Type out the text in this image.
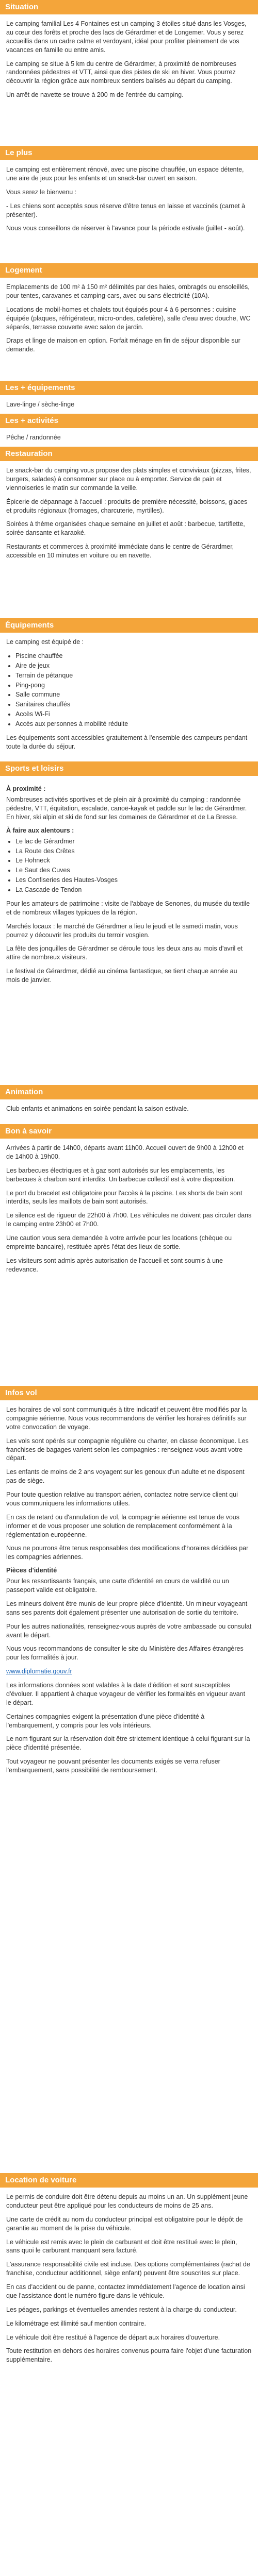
Situation

Le camping familial Les 4 Fontaines est un camping 3 étoiles situé dans les Vosges, au cœur des forêts et proche des lacs de Gérardmer et de Longemer. Vous y serez accueillis dans un cadre calme et verdoyant, idéal pour profiter pleinement de vos vacances en famille ou entre amis.

Le camping se situe à 5 km du centre de Gérardmer, à proximité de nombreuses randonnées pédestres et VTT, ainsi que des pistes de ski en hiver. Vous pourrez découvrir la région grâce aux nombreux sentiers balisés au départ du camping.

Un arrêt de navette se trouve à 200 m de l'entrée du camping.

Le plus

Le camping est entièrement rénové, avec une piscine chauffée, un espace détente, une aire de jeux pour les enfants et un snack-bar ouvert en saison.

Vous serez le bienvenu :

- Les chiens sont acceptés sous réserve d'être tenus en laisse et vaccinés (carnet à présenter).

Nous vous conseillons de réserver à l'avance pour la période estivale (juillet - août).

Logement

Emplacements de 100 m² à 150 m² délimités par des haies, ombragés ou ensoleillés, pour tentes, caravanes et camping-cars, avec ou sans électricité (10A).

Locations de mobil-homes et chalets tout équipés pour 4 à 6 personnes : cuisine équipée (plaques, réfrigérateur, micro-ondes, cafetière), salle d'eau avec douche, WC séparés, terrasse couverte avec salon de jardin.

Draps et linge de maison en option. Forfait ménage en fin de séjour disponible sur demande.

Les + équipements

Lave-linge / sèche-linge

Les + activités

Pêche / randonnée

Restauration

Le snack-bar du camping vous propose des plats simples et conviviaux (pizzas, frites, burgers, salades) à consommer sur place ou à emporter. Service de pain et viennoiseries le matin sur commande la veille.

Épicerie de dépannage à l'accueil : produits de première nécessité, boissons, glaces et produits régionaux (fromages, charcuterie, myrtilles).

Soirées à thème organisées chaque semaine en juillet et août : barbecue, tartiflette, soirée dansante et karaoké.

Restaurants et commerces à proximité immédiate dans le centre de Gérardmer, accessible en 10 minutes en voiture ou en navette.

Équipements

Le camping est équipé de :

• Piscine chauffée
• Aire de jeux
• Terrain de pétanque
• Ping-pong
• Salle commune
• Sanitaires chauffés
• Accès Wi-Fi
• Accès aux personnes à mobilité réduite

Les équipements sont accessibles gratuitement à l'ensemble des campeurs pendant toute la durée du séjour.

Sports et loisirs
À proximité :

Nombreuses activités sportives et de plein air à proximité du camping : randonnée pédestre, VTT, équitation, escalade, canoë-kayak et paddle sur le lac de Gérardmer. En hiver, ski alpin et ski de fond sur les domaines de Gérardmer et de La Bresse.

À faire aux alentours :
• Le lac de Gérardmer
• La Route des Crêtes
• Le Hohneck
• Le Saut des Cuves
• Les Confiseries des Hautes-Vosges
• La Cascade de Tendon

Pour les amateurs de patrimoine : visite de l'abbaye de Senones, du musée du textile et de nombreux villages typiques de la région.

Marchés locaux : le marché de Gérardmer a lieu le jeudi et le samedi matin, vous pourrez y découvrir les produits du terroir vosgien.

La fête des jonquilles de Gérardmer se déroule tous les deux ans au mois d'avril et attire de nombreux visiteurs.

Le festival de Gérardmer, dédié au cinéma fantastique, se tient chaque année au mois de janvier.

Animation

Club enfants et animations en soirée pendant la saison estivale.

Bon à savoir

Arrivées à partir de 14h00, départs avant 11h00. Accueil ouvert de 9h00 à 12h00 et de 14h00 à 19h00.

Les barbecues électriques et à gaz sont autorisés sur les emplacements, les barbecues à charbon sont interdits. Un barbecue collectif est à votre disposition.

Le port du bracelet est obligatoire pour l'accès à la piscine. Les shorts de bain sont interdits, seuls les maillots de bain sont autorisés.

Le silence est de rigueur de 22h00 à 7h00. Les véhicules ne doivent pas circuler dans le camping entre 23h00 et 7h00.

Une caution vous sera demandée à votre arrivée pour les locations (chèque ou empreinte bancaire), restituée après l'état des lieux de sortie.

Les visiteurs sont admis après autorisation de l'accueil et sont soumis à une redevance.

Infos vol

Les horaires de vol sont communiqués à titre indicatif et peuvent être modifiés par la compagnie aérienne. Nous vous recommandons de vérifier les horaires définitifs sur votre convocation de voyage.

Les vols sont opérés sur compagnie régulière ou charter, en classe économique. Les franchises de bagages varient selon les compagnies : renseignez-vous avant votre départ.

Les enfants de moins de 2 ans voyagent sur les genoux d'un adulte et ne disposent pas de siège.

Pour toute question relative au transport aérien, contactez notre service client qui vous communiquera les informations utiles.

En cas de retard ou d'annulation de vol, la compagnie aérienne est tenue de vous informer et de vous proposer une solution de remplacement conformément à la réglementation européenne.

Nous ne pourrons être tenus responsables des modifications d'horaires décidées par les compagnies aériennes.

Pièces d'identité

Pour les ressortissants français, une carte d'identité en cours de validité ou un passeport valide est obligatoire.

Les mineurs doivent être munis de leur propre pièce d'identité. Un mineur voyageant sans ses parents doit également présenter une autorisation de sortie du territoire.

Pour les autres nationalités, renseignez-vous auprès de votre ambassade ou consulat avant le départ.

Nous vous recommandons de consulter le site du Ministère des Affaires étrangères pour les formalités à jour.

www.diplomatie.gouv.fr

Les informations données sont valables à la date d'édition et sont susceptibles d'évoluer. Il appartient à chaque voyageur de vérifier les formalités en vigueur avant le départ.

Certaines compagnies exigent la présentation d'une pièce d'identité à l'embarquement, y compris pour les vols intérieurs.

Le nom figurant sur la réservation doit être strictement identique à celui figurant sur la pièce d'identité présentée.

Tout voyageur ne pouvant présenter les documents exigés se verra refuser l'embarquement, sans possibilité de remboursement.

Location de voiture

Le permis de conduire doit être détenu depuis au moins un an. Un supplément jeune conducteur peut être appliqué pour les conducteurs de moins de 25 ans.

Une carte de crédit au nom du conducteur principal est obligatoire pour le dépôt de garantie au moment de la prise du véhicule.

Le véhicule est remis avec le plein de carburant et doit être restitué avec le plein, sans quoi le carburant manquant sera facturé.

L'assurance responsabilité civile est incluse. Des options complémentaires (rachat de franchise, conducteur additionnel, siège enfant) peuvent être souscrites sur place.

En cas d'accident ou de panne, contactez immédiatement l'agence de location ainsi que l'assistance dont le numéro figure dans le véhicule.

Les péages, parkings et éventuelles amendes restent à la charge du conducteur.

Le kilométrage est illimité sauf mention contraire.

Le véhicule doit être restitué à l'agence de départ aux horaires d'ouverture.

Toute restitution en dehors des horaires convenus pourra faire l'objet d'une facturation supplémentaire.
